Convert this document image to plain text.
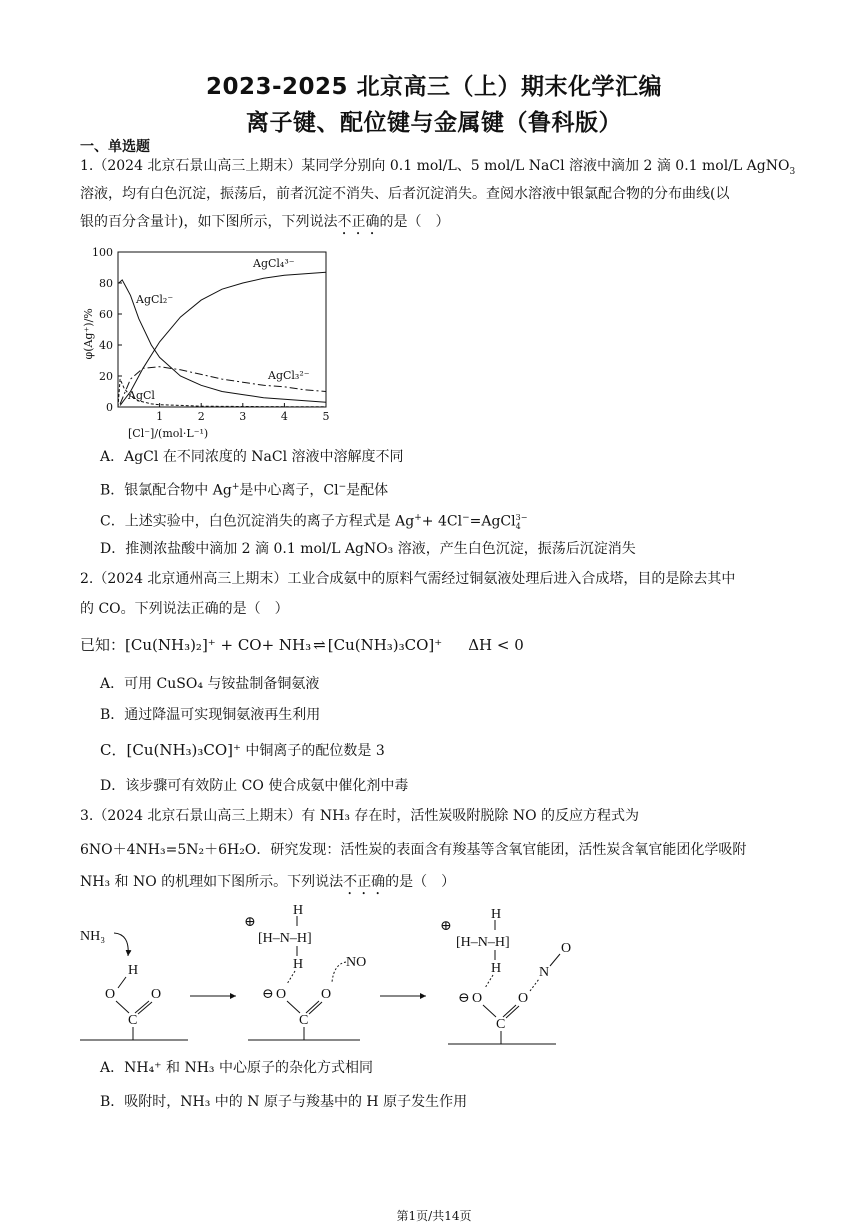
2023-2025 北京高三（上）期末化学汇编
离子键、配位键与金属键（鲁科版）
一、单选题
1.（2024 北京石景山高三上期末）某同学分别向 0.1 mol/L、5 mol/L NaCl 溶液中滴加 2 滴 0.1 mol/L AgNO$_3$
溶液，均有白色沉淀，振荡后，前者沉淀不消失、后者沉淀消失。查阅水溶液中银氯配合物的分布曲线(以
银的百分含量计)，如下图所示，下列说法不正确的是（　）
0
20
40
60
80
100
1	2	3	4	5
[Cl⁻]/(mol·L⁻¹)
φ(Ag⁺)/%
AgCl₄³⁻
AgCl₂⁻
AgCl₃²⁻
AgCl
A．AgCl 在不同浓度的 NaCl 溶液中溶解度不同
B．银氯配合物中 Ag+是中心离子，Cl−是配体
C．上述实验中，白色沉淀消失的离子方程式是 Ag++ 4Cl−=AgCl3−
4
D．推测浓盐酸中滴加 2 滴 0.1 mol/L AgNO₃ 溶液，产生白色沉淀，振荡后沉淀消失
2.（2024 北京通州高三上期末）工业合成氨中的原料气需经过铜氨液处理后进入合成塔，目的是除去其中
的 CO。下列说法正确的是（　）
已知：[Cu(NH₃)₂]⁺ + CO+ NH₃ ⇌ [Cu(NH₃)₃CO]⁺ ΔH < 0
A．可用 CuSO₄ 与铵盐制备铜氨液
B．通过降温可实现铜氨液再生利用
C．[Cu(NH₃)₃CO]⁺ 中铜离子的配位数是 3
D．该步骤可有效防止 CO 使合成氨中催化剂中毒
3.（2024 北京石景山高三上期末）有 NH₃ 存在时，活性炭吸附脱除 NO 的反应方程式为
6NO＋4NH₃=5N₂＋6H₂O．研究发现：活性炭的表面含有羧基等含氧官能团，活性炭含氧官能团化学吸附
NH₃ 和 NO 的机理如下图所示。下列说法不正确的是（　）
NH₃
H
O	O
C
⊕
H
[H–N–H]
H
⊖ O O
C
NO
⊕
H
[H–N–H]
H
⊖ O	O
C
N
O
A．NH₄⁺ 和 NH₃ 中心原子的杂化方式相同
B．吸附时，NH₃ 中的 N 原子与羧基中的 H 原子发生作用
第1页/共14页
